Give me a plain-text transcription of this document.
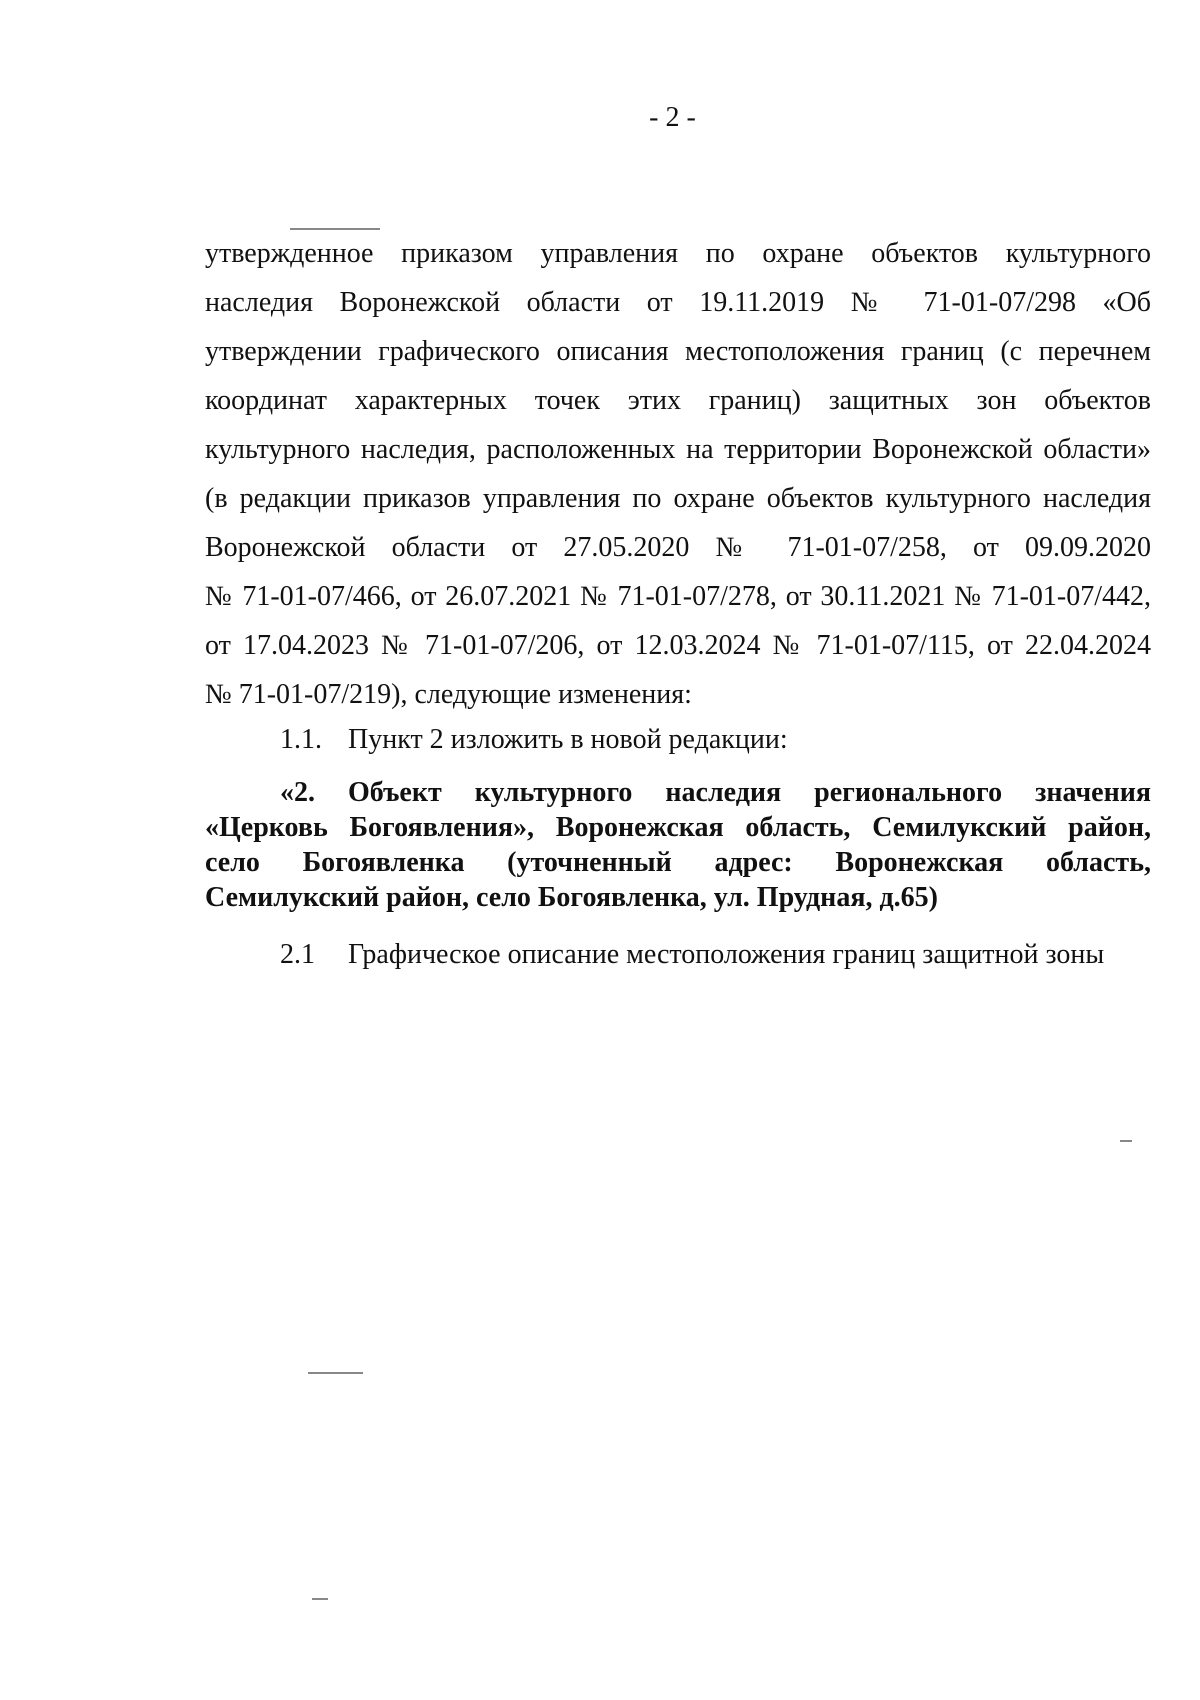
- 2 -
утвержденное приказом управления по охране объектов культурного
наследия Воронежской области от 19.11.2019 № 71-01-07/298 «Об
утверждении графического описания местоположения границ (с перечнем
координат характерных точек этих границ) защитных зон объектов
культурного наследия, расположенных на территории Воронежской области»
(в редакции приказов управления по охране объектов культурного наследия
Воронежской области от 27.05.2020 № 71-01-07/258, от 09.09.2020
№ 71-01-07/466, от 26.07.2021 № 71-01-07/278, от 30.11.2021 № 71-01-07/442,
от 17.04.2023 № 71-01-07/206, от 12.03.2024 № 71-01-07/115, от 22.04.2024
№ 71-01-07/219), следующие изменения:
1.1. Пункт 2 изложить в новой редакции:
«2. Объект культурного наследия регионального значения
«Церковь Богоявления», Воронежская область, Семилукский район,
село Богоявленка (уточненный адрес: Воронежская область,
Семилукский район, село Богоявленка, ул. Прудная, д.65)
2.1 Графическое описание местоположения границ защитной зоны
